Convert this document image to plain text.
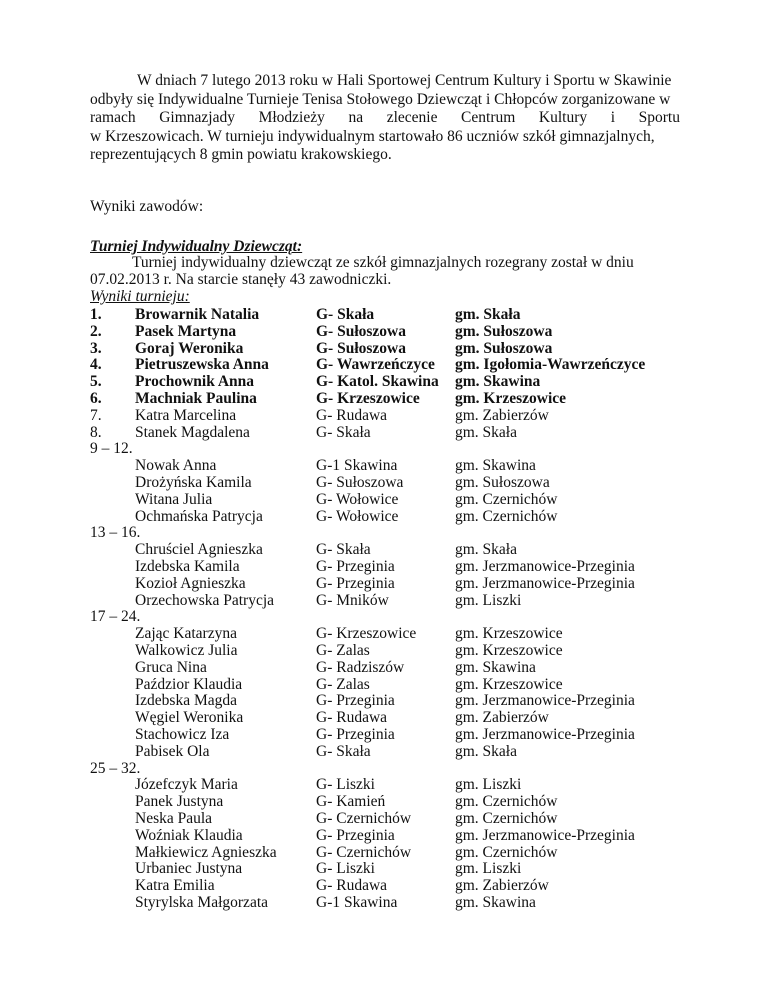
W dniach 7 lutego 2013 roku w Hali Sportowej Centrum Kultury i Sportu w Skawinie
odbyły się Indywidualne Turnieje Tenisa Stołowego Dziewcząt i Chłopców zorganizowane w
ramach Gimnazjady Młodzieży na zlecenie Centrum Kultury i Sportu
w Krzeszowicach. W turnieju indywidualnym startowało 86 uczniów szkół gimnazjalnych,
reprezentujących 8 gmin powiatu krakowskiego.
Wyniki zawodów:
Turniej Indywidualny Dziewcząt:
Turniej indywidualny dziewcząt ze szkół gimnazjalnych rozegrany został w dniu
07.02.2013 r. Na starcie stanęły 43 zawodniczki.
Wyniki turnieju:
1. Browarnik Natalia	G- Skała	gm. Skała
2. Pasek Martyna	G- Sułoszowa	gm. Sułoszowa
3. Goraj Weronika	G- Sułoszowa	gm. Sułoszowa
4. Pietruszewska Anna	G- Wawrzeńczyce gm. Igołomia-Wawrzeńczyce
5. Prochownik Anna	G- Katol. Skawina gm. Skawina
6. Machniak Paulina	G- Krzeszowice gm. Krzeszowice
7. Katra Marcelina	G- Rudawa	gm. Zabierzów
8. Stanek Magdalena	G- Skała	gm. Skała
9 – 12.
Nowak Anna	G-1 Skawina	gm. Skawina
Drożyńska Kamila	G- Sułoszowa	gm. Sułoszowa
Witana Julia	G- Wołowice	gm. Czernichów
Ochmańska Patrycja	G- Wołowice	gm. Czernichów
13 – 16.
Chruściel Agnieszka	G- Skała	gm. Skała
Izdebska Kamila	G- Przeginia	gm. Jerzmanowice-Przeginia
Kozioł Agnieszka	G- Przeginia	gm. Jerzmanowice-Przeginia
Orzechowska Patrycja	G- Mników	gm. Liszki
17 – 24.
Zając Katarzyna	G- Krzeszowice gm. Krzeszowice
Walkowicz Julia	G- Zalas	gm. Krzeszowice
Gruca Nina	G- Radziszów	gm. Skawina
Paździor Klaudia	G- Zalas	gm. Krzeszowice
Izdebska Magda	G- Przeginia	gm. Jerzmanowice-Przeginia
Węgiel Weronika	G- Rudawa	gm. Zabierzów
Stachowicz Iza	G- Przeginia	gm. Jerzmanowice-Przeginia
Pabisek Ola	G- Skała	gm. Skała
25 – 32.
Józefczyk Maria	G- Liszki	gm. Liszki
Panek Justyna	G- Kamień	gm. Czernichów
Neska Paula	G- Czernichów	gm. Czernichów
Woźniak Klaudia	G- Przeginia	gm. Jerzmanowice-Przeginia
Małkiewicz Agnieszka	G- Czernichów	gm. Czernichów
Urbaniec Justyna	G- Liszki	gm. Liszki
Katra Emilia	G- Rudawa	gm. Zabierzów
Styrylska Małgorzata	G-1 Skawina	gm. Skawina
